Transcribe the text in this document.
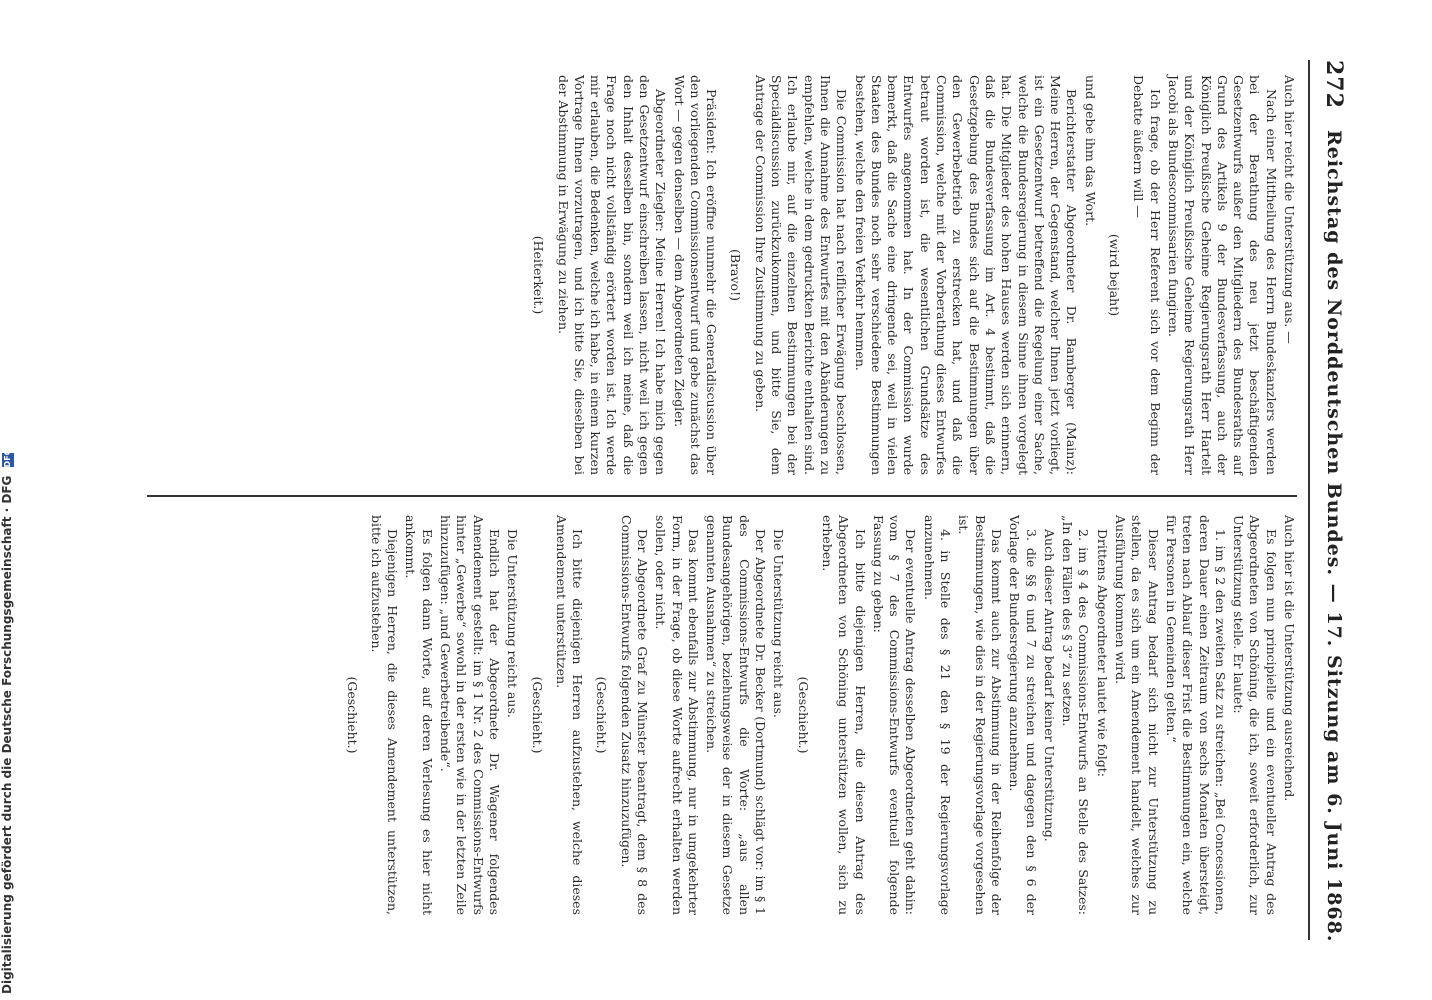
272
Reichstag des Norddeutschen Bundes. — 17. Sitzung am 6. Juni 1868.

Auch hier reicht die Unterstützung aus. —

Nach einer Mittheilung des Herrn Bundeskanzlers werden bei der Berathung des neu jetzt beschäftigenden Gesetzentwurfs außer den Mitgliedern des Bundesraths auf Grund des Artikels 9 der Bundesverfassung, auch der Königlich Preußische Geheime Regierungsrath Herr Hartelt und der Königlich Preußische Geheime Regierungsrath Herr Jacobi als Bundescommissarien fungiren.

Ich frage, ob der Herr Referent sich vor dem Beginn der Debatte äußern will —

(wird bejaht)

und gebe ihm das Wort.

Berichterstatter Abgeordneter Dr. Bamberger (Mainz): Meine Herren, der Gegenstand, welcher Ihnen jetzt vorliegt, ist ein Gesetzentwurf betreffend die Regelung einer Sache, welche die Bundesregierung in diesem Sinne ihnen vorgelegt hat. Die Mitglieder des hohen Hauses werden sich erinnern, daß die Bundesverfassung im Art. 4 bestimmt, daß die Gesetzgebung des Bundes sich auf die Bestimmungen über den Gewerbebetrieb zu erstrecken hat, und daß die Commission, welche mit der Vorberathung dieses Entwurfes betraut worden ist, die wesentlichen Grundsätze des Entwurfes angenommen hat. In der Commission wurde bemerkt, daß die Sache eine dringende sei, weil in vielen Staaten des Bundes noch sehr verschiedene Bestimmungen bestehen, welche den freien Verkehr hemmen.

Die Commission hat nach reiflicher Erwägung beschlossen, Ihnen die Annahme des Entwurfes mit den Abänderungen zu empfehlen, welche in dem gedruckten Berichte enthalten sind. Ich erlaube mir, auf die einzelnen Bestimmungen bei der Specialdiscussion zurückzukommen, und bitte Sie, dem Antrage der Commission Ihre Zustimmung zu geben.

(Bravo!)

Präsident: Ich eröffne nunmehr die Generaldiscussion über den vorliegenden Commissionsentwurf und gebe zunächst das Wort — gegen denselben — dem Abgeordneten Ziegler.

Abgeordneter Ziegler: Meine Herren! Ich habe mich gegen den Gesetzentwurf einschreiben lassen, nicht weil ich gegen den Inhalt desselben bin, sondern weil ich meine, daß die Frage noch nicht vollständig erörtert worden ist. Ich werde mir erlauben, die Bedenken, welche ich habe, in einem kurzen Vortrage Ihnen vorzutragen, und ich bitte Sie, dieselben bei der Abstimmung in Erwägung zu ziehen.

(Heiterkeit.)

Auch hier ist die Unterstützung ausreichend.

Es folgen nun principielle und ein eventueller Antrag des Abgeordneten von Schöning, die ich, soweit erforderlich, zur Unterstützung stelle. Er lautet:

1. im § 2 den zweiten Satz zu streichen: „Bei Concessionen, deren Dauer einen Zeitraum von sechs Monaten übersteigt, treten nach Ablauf dieser Frist die Bestimmungen ein, welche für Personen in Gemeinden gelten.“

Dieser Antrag bedarf sich nicht zur Unterstützung zu stellen, da es sich um ein Amendement handelt, welches zur Ausführung kommen wird.

Drittens Abgeordneter lautet wie folgt:

2. im § 4 des Commissions-Entwurfs an Stelle des Satzes: „In den Fällen des § 3“ zu setzen.

Auch dieser Antrag bedarf keiner Unterstützung.

3. die §§ 6 und 7 zu streichen und dagegen den § 6 der Vorlage der Bundesregierung anzunehmen.

Das kommt auch zur Abstimmung in der Reihenfolge der Bestimmungen, wie dies in der Regierungsvorlage vorgesehen ist.

4. in Stelle des § 21 den § 19 der Regierungsvorlage anzunehmen.

Der eventuelle Antrag desselben Abgeordneten geht dahin: vom § 7 des Commissions-Entwurfs eventuell folgende Fassung zu geben:

Ich bitte diejenigen Herren, die diesen Antrag des Abgeordneten von Schöning unterstützen wollen, sich zu erheben.

(Geschieht.)

Die Unterstützung reicht aus.

Der Abgeordnete Dr. Becker (Dortmund) schlägt vor: im § 1 des Commissions-Entwurfs die Worte: „aus allen Bundesangehörigen, beziehungsweise der in diesem Gesetze genannten Ausnahmen“ zu streichen.

Das kommt ebenfalls zur Abstimmung, nur in umgekehrter Form, in der Frage, ob diese Worte aufrecht erhalten werden sollen, oder nicht.

Der Abgeordnete Graf zu Münster beantragt, dem § 8 des Commissions-Entwurfs folgenden Zusatz hinzuzufügen.

(Geschieht.)

Ich bitte diejenigen Herren aufzustehen, welche dieses Amendement unterstützen.

(Geschieht.)

Die Unterstützung reicht aus.

Endlich hat der Abgeordnete Dr. Wagener folgendes Amendement gestellt: im § 1 Nr. 2 des Commissions-Entwurfs hinter „Gewerbe“ sowohl in der ersten wie in der letzten Zeile hinzuzufügen: „und Gewerbetreibende“.

Es folgen dann Worte, auf deren Verlesung es hier nicht ankommt.

Diejenigen Herren, die dieses Amendement unterstützen, bitte ich aufzustehen.

(Geschieht.)

Digitalisierung gefördert durch die Deutsche Forschungsgemeinschaft · DFG DFG
